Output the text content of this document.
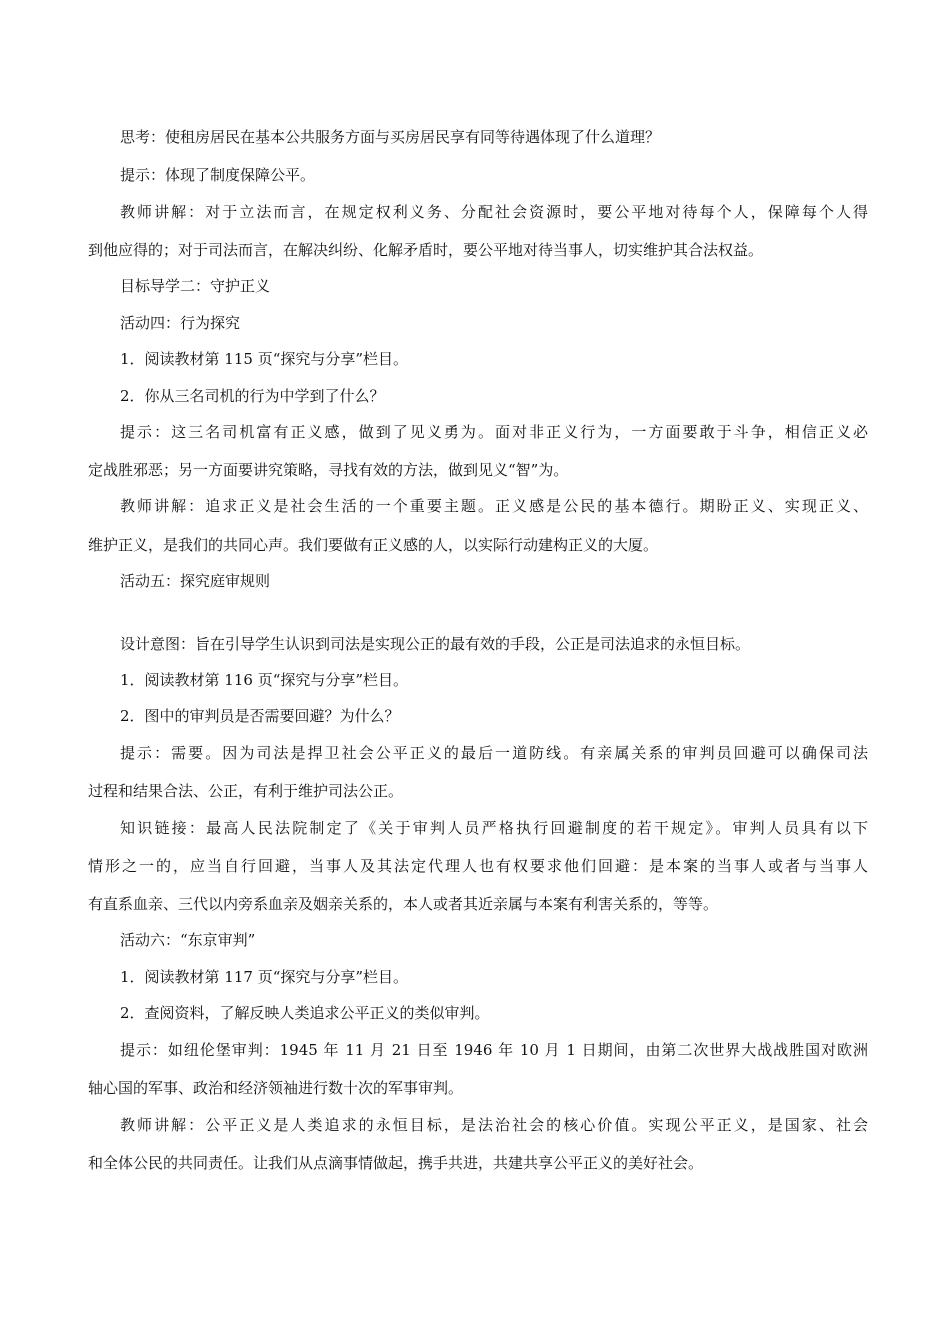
思考：使租房居民在基本公共服务方面与买房居民享有同等待遇体现了什么道理？
提示：体现了制度保障公平。
教师讲解：对于立法而言，在规定权利义务、分配社会资源时，要公平地对待每个人，保障每个人得
到他应得的；对于司法而言，在解决纠纷、化解矛盾时，要公平地对待当事人，切实维护其合法权益。
目标导学二：守护正义
活动四：行为探究
1．阅读教材第 115 页“探究与分享”栏目。
2．你从三名司机的行为中学到了什么？
提示：这三名司机富有正义感，做到了见义勇为。面对非正义行为，一方面要敢于斗争，相信正义必
定战胜邪恶；另一方面要讲究策略，寻找有效的方法，做到见义“智”为。
教师讲解：追求正义是社会生活的一个重要主题。正义感是公民的基本德行。期盼正义、实现正义、
维护正义，是我们的共同心声。我们要做有正义感的人，以实际行动建构正义的大厦。
活动五：探究庭审规则
设计意图：旨在引导学生认识到司法是实现公正的最有效的手段，公正是司法追求的永恒目标。
1．阅读教材第 116 页“探究与分享”栏目。
2．图中的审判员是否需要回避？为什么？
提示：需要。因为司法是捍卫社会公平正义的最后一道防线。有亲属关系的审判员回避可以确保司法
过程和结果合法、公正，有利于维护司法公正。
知识链接：最高人民法院制定了《关于审判人员严格执行回避制度的若干规定》。审判人员具有以下
情形之一的，应当自行回避，当事人及其法定代理人也有权要求他们回避：是本案的当事人或者与当事人
有直系血亲、三代以内旁系血亲及姻亲关系的，本人或者其近亲属与本案有利害关系的，等等。
活动六：“东京审判”
1．阅读教材第 117 页“探究与分享”栏目。
2．查阅资料，了解反映人类追求公平正义的类似审判。
提示：如纽伦堡审判：1945 年 11 月 21 日至 1946 年 10 月 1 日期间，由第二次世界大战战胜国对欧洲
轴心国的军事、政治和经济领袖进行数十次的军事审判。
教师讲解：公平正义是人类追求的永恒目标，是法治社会的核心价值。实现公平正义，是国家、社会
和全体公民的共同责任。让我们从点滴事情做起，携手共进，共建共享公平正义的美好社会。
